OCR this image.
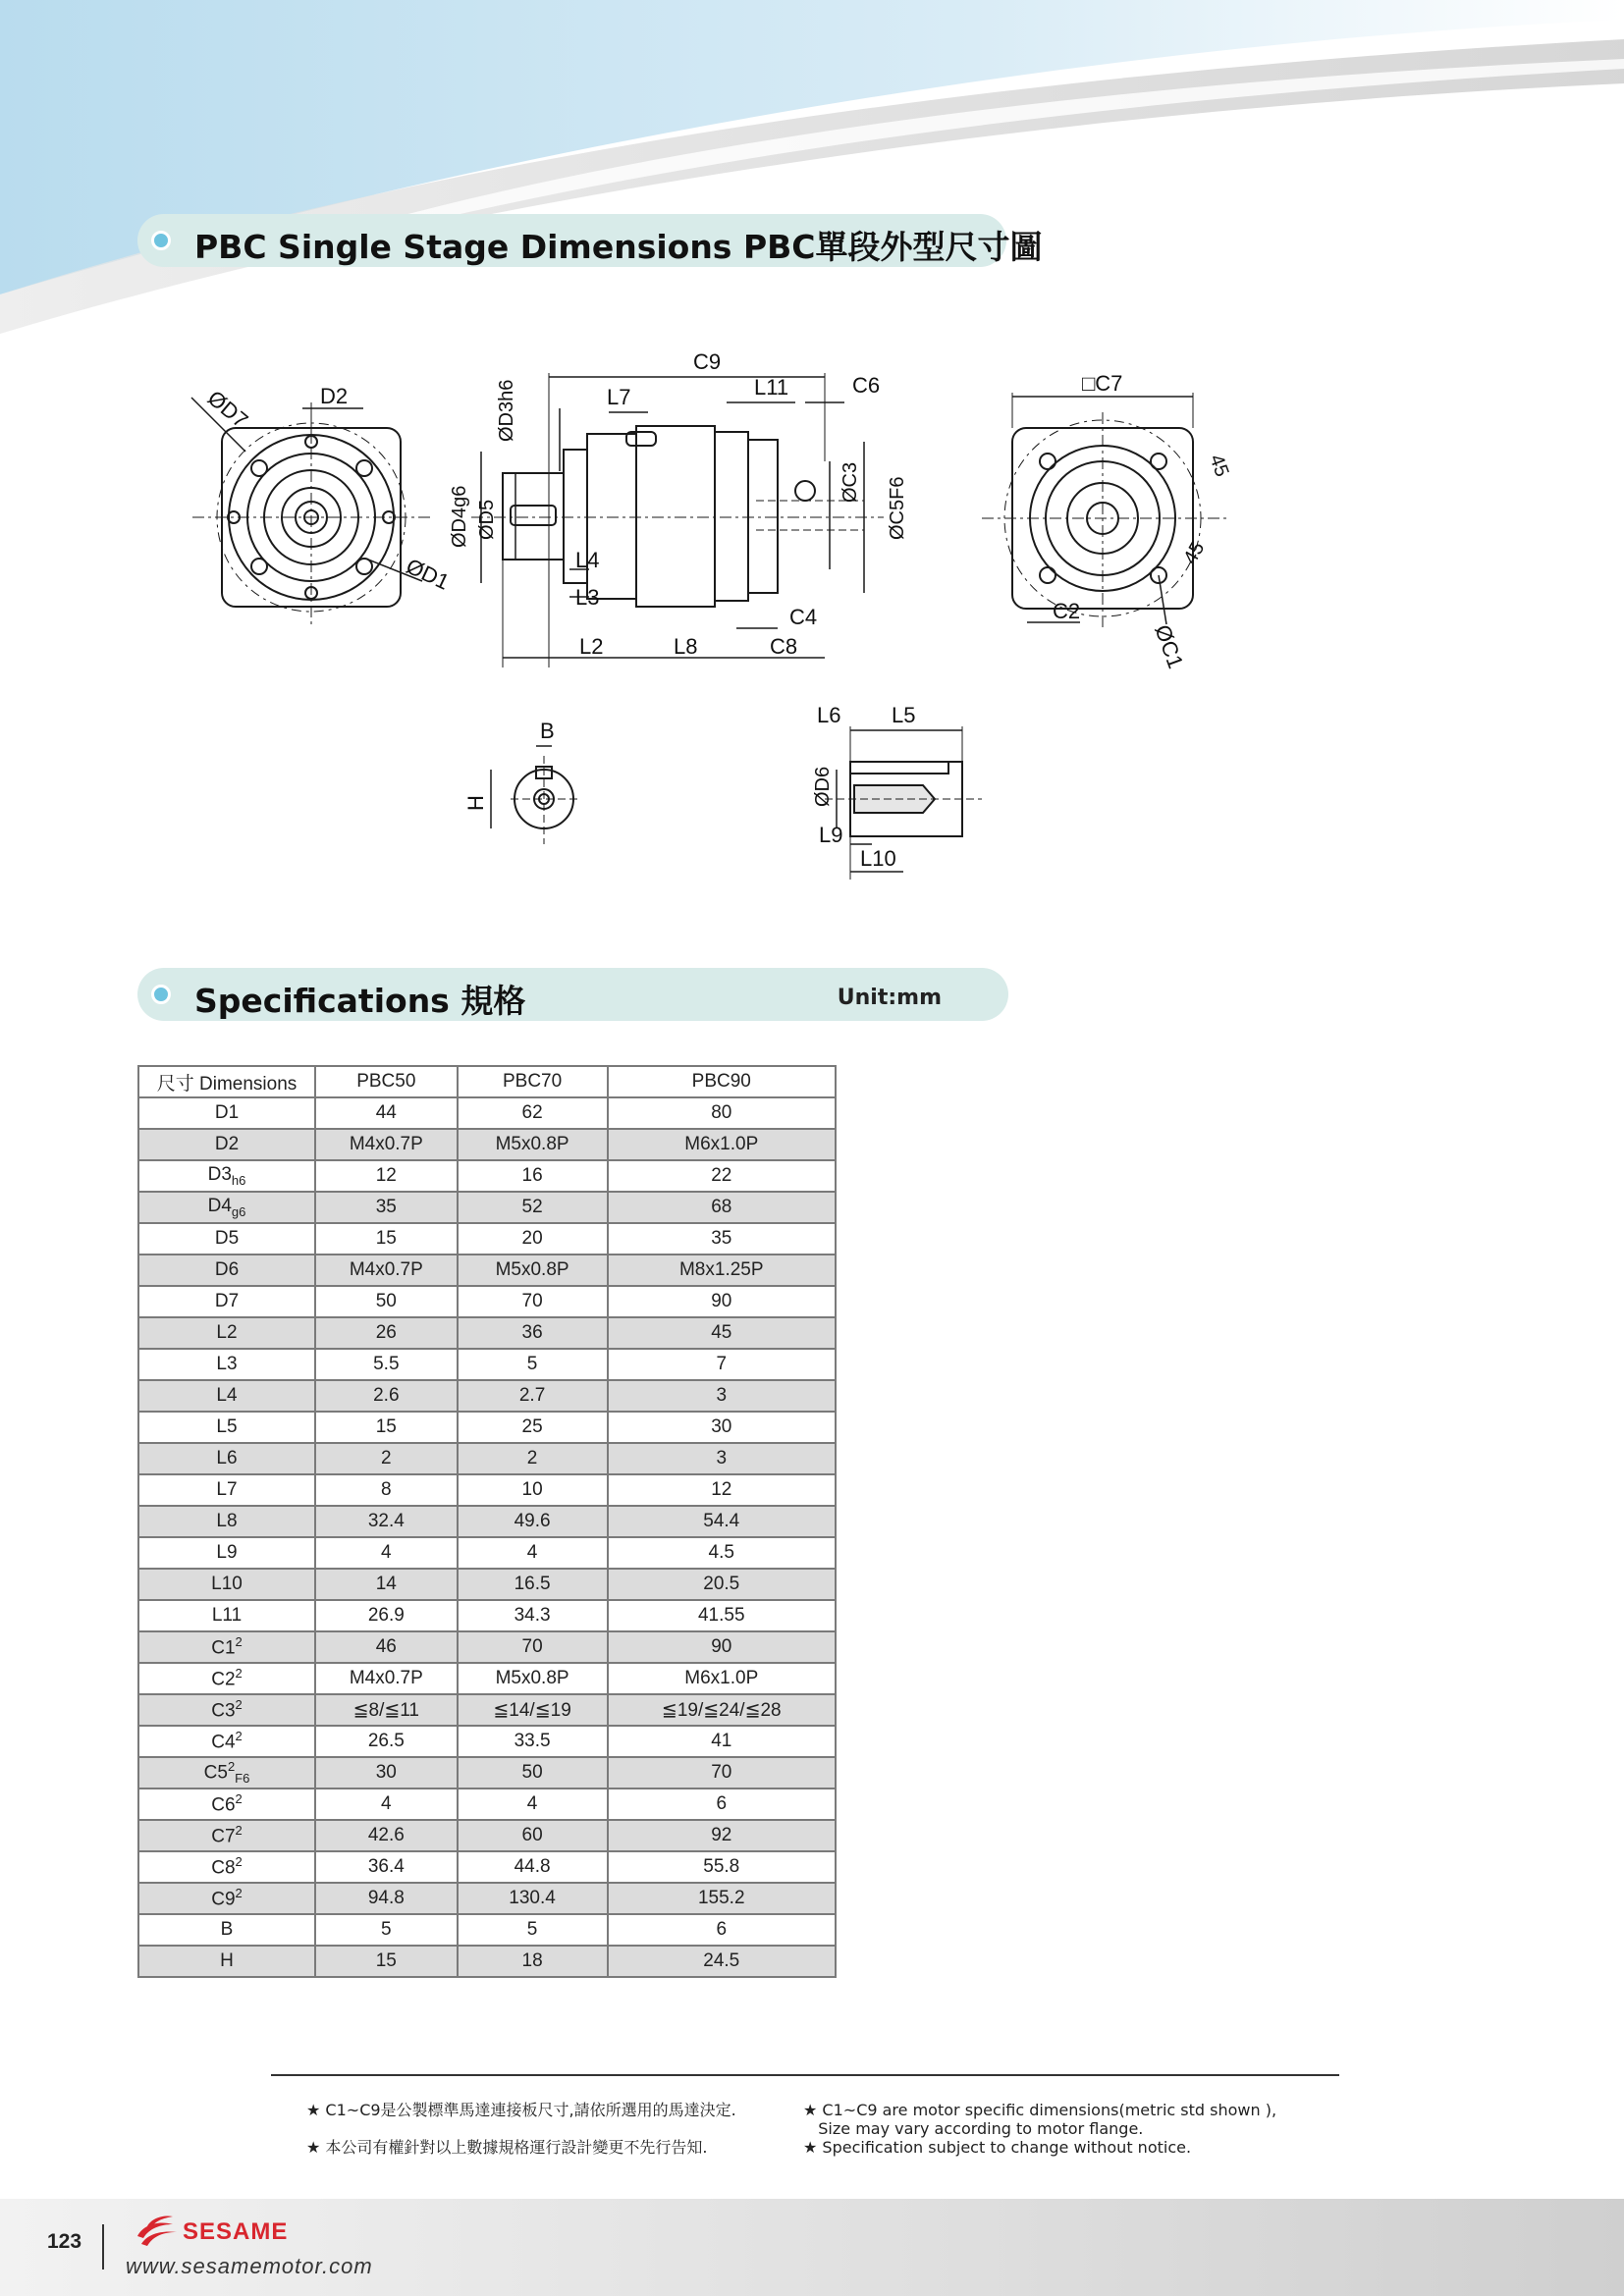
PBC Single Stage Dimensions PBC單段外型尺寸圖
D2
ØD7
ØD1
C9
C6
L11
L7
ØD3h6
ØD4g6 ØD5
ØC3 ØC5F6
L4
L3
C4
L2	L8	C8
□C7
C2
ØC1
45
45
B
H
L6 L5
ØD6
L9
L10
Specifications 規格	Unit:mm
尺寸 Dimensions	PBC50	PBC70	PBC90
D1	44	62	80
D2	M4x0.7P	M5x0.8P	M6x1.0P
$D3_{h6}$	12	16	22
$D4_{g6}$	35	52	68
D5	15	20	35
D6	M4x0.7P	M5x0.8P	M8x1.25P
D7	50	70	90
L2	26	36	45
L3	5.5	5	7
L4	2.6	2.7	3
L5	15	25	30
L6	2	2	3
L7	8	10	12
L8	32.4	49.6	54.4
L9	4	4	4.5
L10	14	16.5	20.5
L11	26.9	34.3	41.55
$C1^2$	46	70	90
$C2^2$	M4x0.7P	M5x0.8P	M6x1.0P
$C3^2$	≦8/≦11	≦14/≦19	≦19/≦24/≦28
$C4^2$	26.5	33.5	41
$C5^2_{F6}$	30	50	70
$C6^2$	4	4	6
$C7^2$	42.6	60	92
$C8^2$	36.4	44.8	55.8
$C9^2$	94.8	130.4	155.2
B	5	5	6
H	15	18	24.5
★ C1~C9是公製標準馬達連接板尺寸,請依所選用的馬達決定.
★ 本公司有權針對以上數據規格運行設計變更不先行告知.
★ C1~C9 are motor specific dimensions(metric std shown ),
Size may vary according to motor flange.
★ Specification subject to change without notice.
123	SESAME
www.sesamemotor.com
